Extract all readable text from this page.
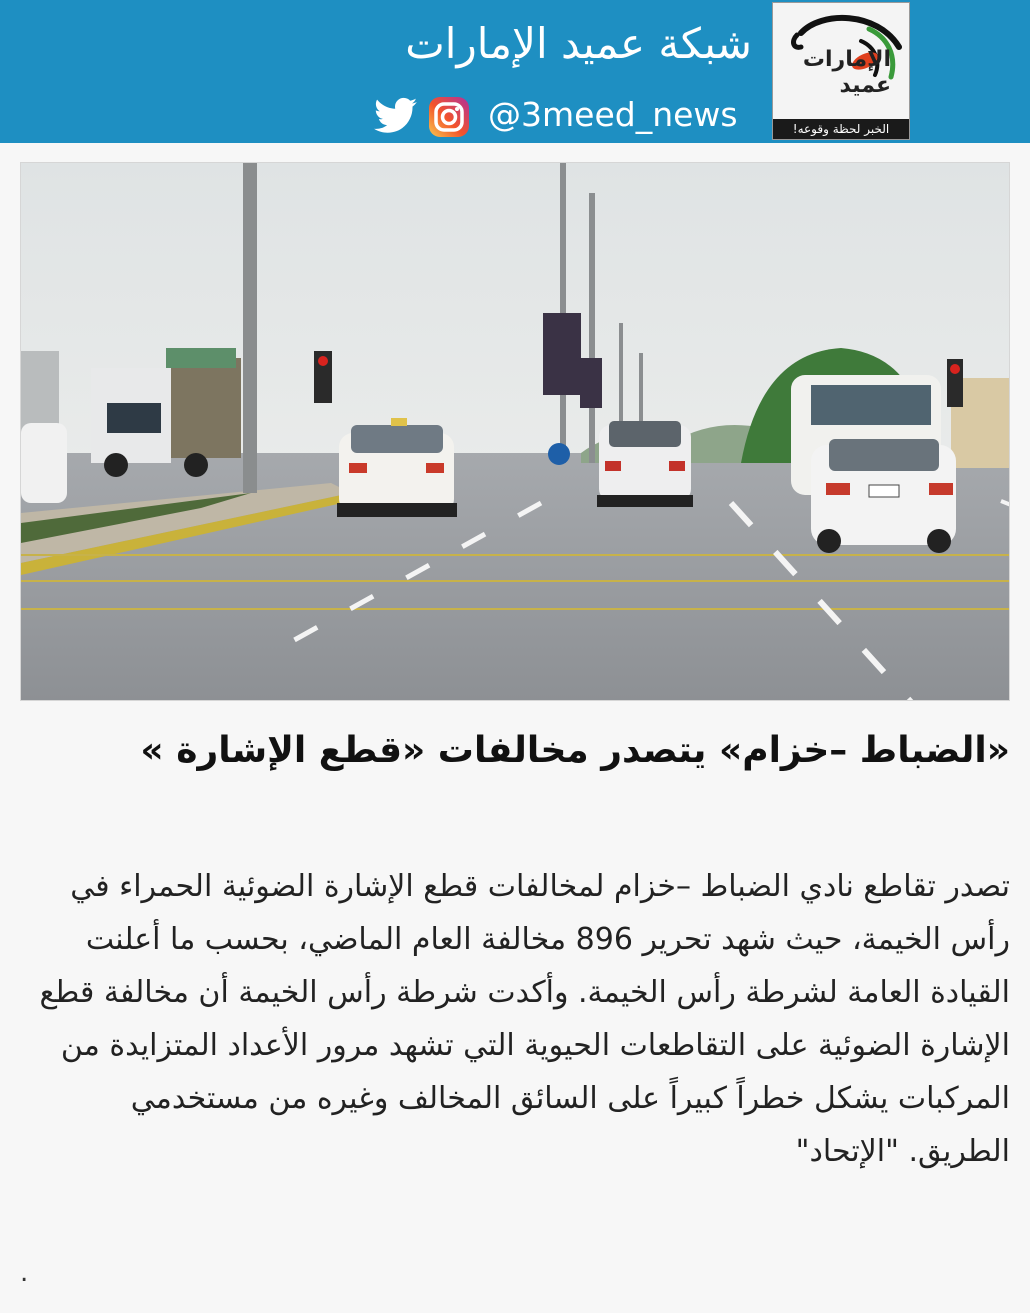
شبكة عميد الإمارات
@3meed_news
الإمارات
عميد
الخبر لحظة وقوعه!
«الضباط –خزام» يتصدر مخالفات «قطع الإشارة »

تصدر تقاطع نادي الضباط –خزام لمخالفات قطع الإشارة الضوئية الحمراء في رأس الخيمة، حيث شهد تحرير 896 مخالفة العام الماضي، بحسب ما أعلنت القيادة العامة لشرطة رأس الخيمة. وأكدت شرطة رأس الخيمة أن مخالفة قطع الإشارة الضوئية على التقاطعات الحيوية التي تشهد مرور الأعداد المتزايدة من المركبات يشكل خطراً كبيراً على السائق المخالف وغيره من مستخدمي الطريق. "الإتحاد"

.
